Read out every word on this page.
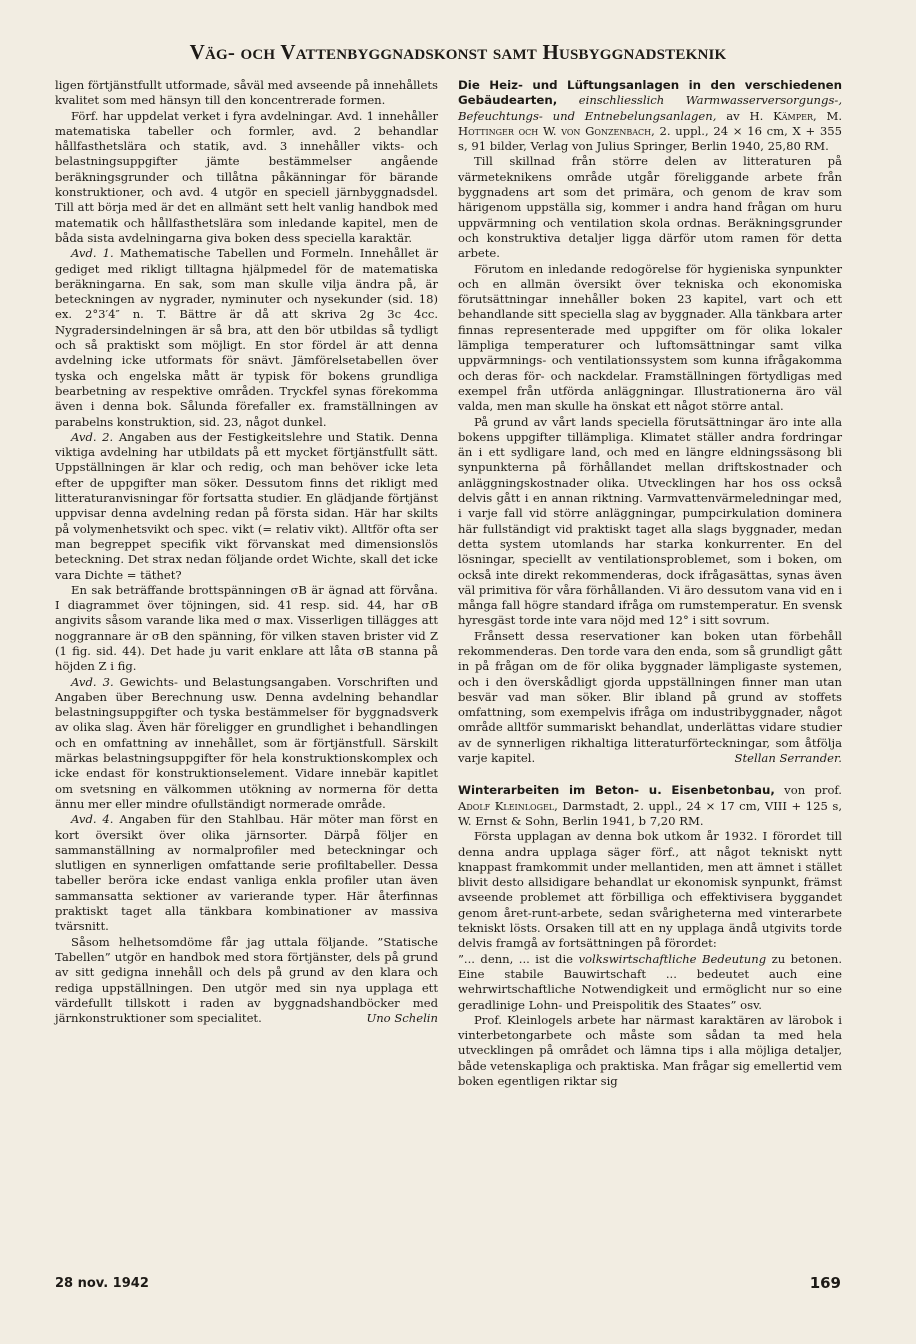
Väg- och Vattenbyggnadskonst samt Husbyggnadsteknik

ligen förtjänstfullt utformade, såväl med avseende på innehållets kvalitet som med hänsyn till den koncentrerade formen.

Förf. har uppdelat verket i fyra avdelningar. Avd. 1 innehåller matematiska tabeller och formler, avd. 2 behandlar hållfasthetslära och statik, avd. 3 innehåller vikts- och belastningsuppgifter jämte bestämmelser angående beräkningsgrunder och tillåtna påkänningar för bärande konstruktioner, och avd. 4 utgör en speciell järnbyggnadsdel. Till att börja med är det en allmänt sett helt vanlig handbok med matematik och hållfasthetslära som inledande kapitel, men de båda sista avdelningarna giva boken dess speciella karaktär.

Avd. 1. Mathematische Tabellen und Formeln. Innehållet är gediget med rikligt tilltagna hjälpmedel för de matematiska beräkningarna. En sak, som man skulle vilja ändra på, är beteckningen av nygrader, nyminuter och nysekunder (sid. 18) ex. 2°3′4″ n. T. Bättre är då att skriva 2g 3c 4cc. Nygradersindelningen är så bra, att den bör utbildas så tydligt och så praktiskt som möjligt. En stor fördel är att denna avdelning icke utformats för snävt. Jämförelsetabellen över tyska och engelska mått är typisk för bokens grundliga bearbetning av respektive områden. Tryckfel synas förekomma även i denna bok. Sålunda förefaller ex. framställningen av parabelns konstruktion, sid. 23, något dunkel.

Avd. 2. Angaben aus der Festigkeitslehre und Statik. Denna viktiga avdelning har utbildats på ett mycket förtjänstfullt sätt. Uppställningen är klar och redig, och man behöver icke leta efter de uppgifter man söker. Dessutom finns det rikligt med litteraturanvisningar för fortsatta studier. En glädjande förtjänst uppvisar denna avdelning redan på första sidan. Här har skilts på volymenhetsvikt och spec. vikt (= relativ vikt). Alltför ofta ser man begreppet specifik vikt förvanskat med dimensionslös beteckning. Det strax nedan följande ordet Wichte, skall det icke vara Dichte = täthet?

En sak beträffande brottspänningen σB är ägnad att förvåna. I diagrammet över töjningen, sid. 41 resp. sid. 44, har σB angivits såsom varande lika med σ max. Visserligen tillägges att noggrannare är σB den spänning, för vilken staven brister vid Z (1 fig. sid. 44). Det hade ju varit enklare att låta σB stanna på höjden Z i fig.

Avd. 3. Gewichts- und Belastungsangaben. Vorschriften und Angaben über Berechnung usw. Denna avdelning behandlar belastningsuppgifter och tyska bestämmelser för byggnadsverk av olika slag. Även här föreligger en grundlighet i behandlingen och en omfattning av innehållet, som är förtjänstfull. Särskilt märkas belastningsuppgifter för hela konstruktionskomplex och icke endast för konstruktionselement. Vidare innebär kapitlet om svetsning en välkommen utökning av normerna för detta ännu mer eller mindre ofullständigt normerade område.

Avd. 4. Angaben für den Stahlbau. Här möter man först en kort översikt över olika järnsorter. Därpå följer en sammanställning av normalprofiler med beteckningar och slutligen en synnerligen omfattande serie profiltabeller. Dessa tabeller beröra icke endast vanliga enkla profiler utan även sammansatta sektioner av varierande typer. Här återfinnas praktiskt taget alla tänkbara kombinationer av massiva tvärsnitt.

Såsom helhetsomdöme får jag uttala följande. ”Statische Tabellen” utgör en handbok med stora förtjänster, dels på grund av sitt gedigna innehåll och dels på grund av den klara och rediga uppställningen. Den utgör med sin nya upplaga ett värdefullt tillskott i raden av byggnadshandböcker med järnkonstruktioner som specialitet.	Uno Schelin

Die Heiz- und Lüftungsanlagen in den verschiedenen Gebäudearten, einschliesslich Warmwasserversorgungs-, Befeuchtungs- und Entnebelungsanlagen, av H. Kämper, M. Hottinger och W. von Gonzenbach, 2. uppl., 24 × 16 cm, X + 355 s, 91 bilder, Verlag von Julius Springer, Berlin 1940, 25,80 RM.

Till skillnad från större delen av litteraturen på värmeteknikens område utgår föreliggande arbete från byggnadens art som det primära, och genom de krav som härigenom uppställa sig, kommer i andra hand frågan om huru uppvärmning och ventilation skola ordnas. Beräkningsgrunder och konstruktiva detaljer ligga därför utom ramen för detta arbete.

Förutom en inledande redogörelse för hygieniska synpunkter och en allmän översikt över tekniska och ekonomiska förutsättningar innehåller boken 23 kapitel, vart och ett behandlande sitt speciella slag av byggnader. Alla tänkbara arter finnas representerade med uppgifter om för olika lokaler lämpliga temperaturer och luftomsättningar samt vilka uppvärmnings- och ventilationssystem som kunna ifrågakomma och deras för- och nackdelar. Framställningen förtydligas med exempel från utförda anläggningar. Illustrationerna äro väl valda, men man skulle ha önskat ett något större antal.

På grund av vårt lands speciella förutsättningar äro inte alla bokens uppgifter tillämpliga. Klimatet ställer andra fordringar än i ett sydligare land, och med en längre eldningssäsong bli synpunkterna på förhållandet mellan driftskostnader och anläggningskostnader olika. Utvecklingen har hos oss också delvis gått i en annan riktning. Varmvattenvärmeledningar med, i varje fall vid större anläggningar, pumpcirkulation dominera här fullständigt vid praktiskt taget alla slags byggnader, medan detta system utomlands har starka konkurrenter. En del lösningar, speciellt av ventilationsproblemet, som i boken, om också inte direkt rekommenderas, dock ifrågasättas, synas även väl primitiva för våra förhållanden. Vi äro dessutom vana vid en i många fall högre standard ifråga om rumstemperatur. En svensk hyresgäst torde inte vara nöjd med 12° i sitt sovrum.

Frånsett dessa reservationer kan boken utan förbehåll rekommenderas. Den torde vara den enda, som så grundligt gått in på frågan om de för olika byggnader lämpligaste systemen, och i den överskådligt gjorda uppställningen finner man utan besvär vad man söker. Blir ibland på grund av stoffets omfattning, som exempelvis ifråga om industribyggnader, något område alltför summariskt behandlat, underlättas vidare studier av de synnerligen rikhaltiga litteraturförteckningar, som åtfölja varje kapitel.	Stellan Serrander.

Winterarbeiten im Beton- u. Eisenbetonbau, von prof. Adolf Kleinlogel, Darmstadt, 2. uppl., 24 × 17 cm, VIII + 125 s, W. Ernst & Sohn, Berlin 1941, b 7,20 RM.

Första upplagan av denna bok utkom år 1932. I förordet till denna andra upplaga säger förf., att något tekniskt nytt knappast framkommit under mellantiden, men att ämnet i stället blivit desto allsidigare behandlat ur ekonomisk synpunkt, främst avseende problemet att förbilliga och effektivisera byggandet genom året-runt-arbete, sedan svårigheterna med vinterarbete tekniskt lösts. Orsaken till att en ny upplaga ändå utgivits torde delvis framgå av fortsättningen på förordet:

”... denn, ... ist die volkswirtschaftliche Bedeutung zu betonen. Eine stabile Bauwirtschaft ... bedeutet auch eine wehrwirtschaftliche Notwendigkeit und ermöglicht nur so eine geradlinige Lohn- und Preispolitik des Staates” osv.

Prof. Kleinlogels arbete har närmast karaktären av lärobok i vinterbetongarbete och måste som sådan ta med hela utvecklingen på området och lämna tips i alla möjliga detaljer, både vetenskapliga och praktiska. Man frågar sig emellertid vem boken egentligen riktar sig

28 nov. 1942	169
